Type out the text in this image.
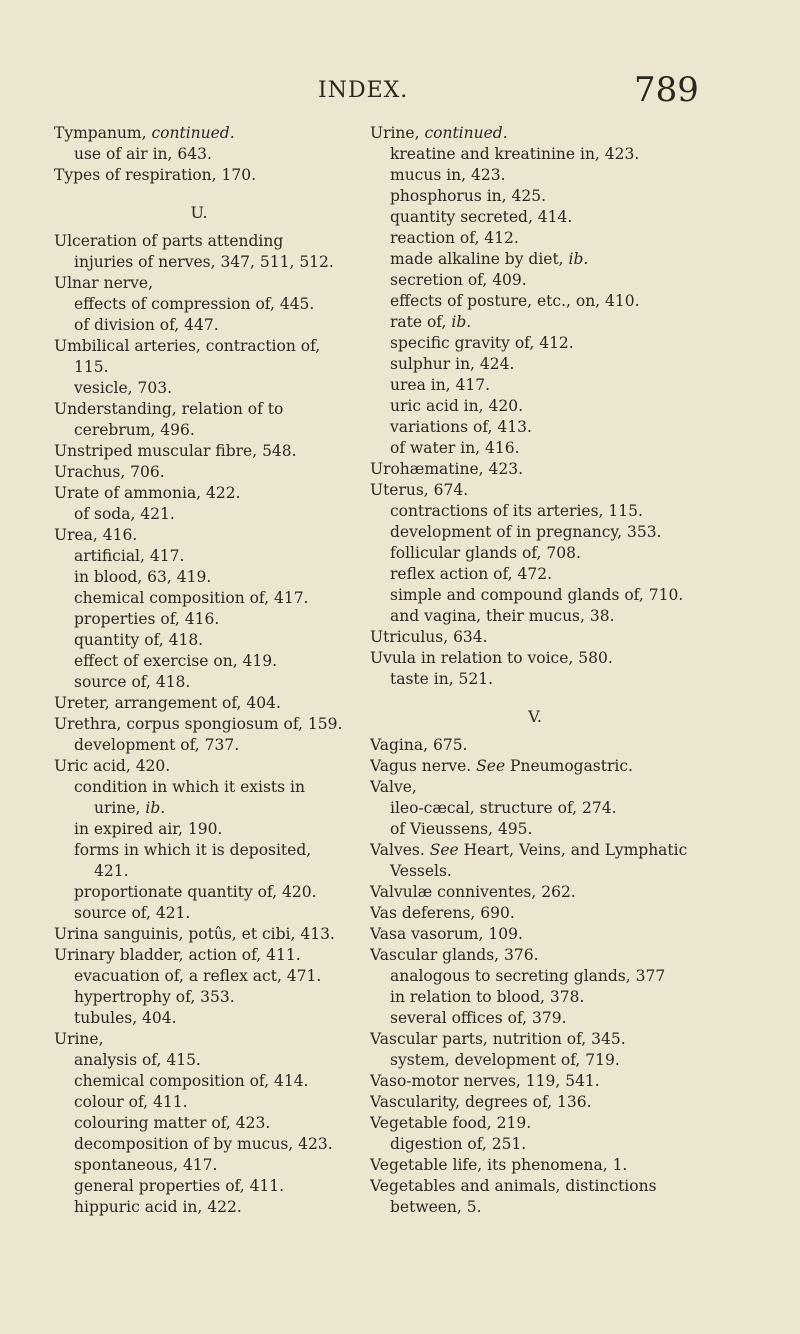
INDEX.	789
Tympanum, continued.
use of air in, 643.
Types of respiration, 170.
U.
Ulceration of parts attending injuries of nerves, 347, 511, 512.
Ulnar nerve,
effects of compression of, 445.
of division of, 447.
Umbilical arteries, contraction of, 115.
vesicle, 703.
Understanding, relation of to cerebrum, 496.
Unstriped muscular fibre, 548.
Urachus, 706.
Urate of ammonia, 422.
of soda, 421.
Urea, 416.
artificial, 417.
in blood, 63, 419.
chemical composition of, 417.
properties of, 416.
quantity of, 418.
effect of exercise on, 419.
source of, 418.
Ureter, arrangement of, 404.
Urethra, corpus spongiosum of, 159.
development of, 737.
Uric acid, 420.
condition in which it exists in urine, ib.
in expired air, 190.
forms in which it is deposited, 421.
proportionate quantity of, 420.
source of, 421.
Urina sanguinis, potûs, et cibi, 413.
Urinary bladder, action of, 411.
evacuation of, a reflex act, 471.
hypertrophy of, 353.
tubules, 404.
Urine,
analysis of, 415.
chemical composition of, 414.
colour of, 411.
colouring matter of, 423.
decomposition of by mucus, 423.
spontaneous, 417.
general properties of, 411.
hippuric acid in, 422.
Urine, continued.
kreatine and kreatinine in, 423.
mucus in, 423.
phosphorus in, 425.
quantity secreted, 414.
reaction of, 412.
made alkaline by diet, ib.
secretion of, 409.
effects of posture, etc., on, 410.
rate of, ib.
specific gravity of, 412.
sulphur in, 424.
urea in, 417.
uric acid in, 420.
variations of, 413.
of water in, 416.
Urohæmatine, 423.
Uterus, 674.
contractions of its arteries, 115.
development of in pregnancy, 353.
follicular glands of, 708.
reflex action of, 472.
simple and compound glands of, 710.
and vagina, their mucus, 38.
Utriculus, 634.
Uvula in relation to voice, 580.
taste in, 521.
V.
Vagina, 675.
Vagus nerve. See Pneumogastric.
Valve,
ileo-cæcal, structure of, 274.
of Vieussens, 495.
Valves. See Heart, Veins, and Lymphatic Vessels.
Valvulæ conniventes, 262.
Vas deferens, 690.
Vasa vasorum, 109.
Vascular glands, 376.
analogous to secreting glands, 377
in relation to blood, 378.
several offices of, 379.
Vascular parts, nutrition of, 345.
system, development of, 719.
Vaso-motor nerves, 119, 541.
Vascularity, degrees of, 136.
Vegetable food, 219.
digestion of, 251.
Vegetable life, its phenomena, 1.
Vegetables and animals, distinctions between, 5.
